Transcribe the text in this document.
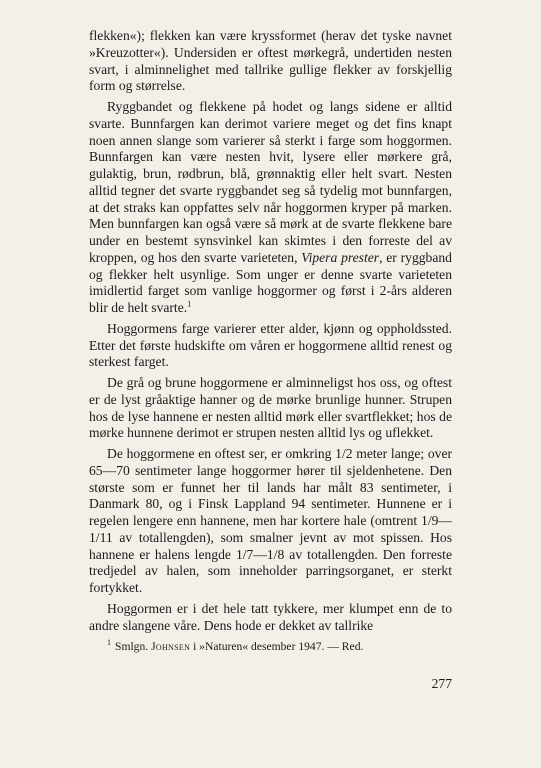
flekken«); flekken kan være kryssformet (herav det tyske navnet »Kreuzotter«). Undersiden er oftest mørkegrå, undertiden nesten svart, i alminnelighet med tallrike gullige flekker av forskjellig form og størrelse.

Ryggbandet og flekkene på hodet og langs sidene er alltid svarte. Bunnfargen kan derimot variere meget og det fins knapt noen annen slange som varierer så sterkt i farge som hoggormen. Bunnfargen kan være nesten hvit, lysere eller mørkere grå, gulaktig, brun, rødbrun, blå, grønnaktig eller helt svart. Nesten alltid tegner det svarte ryggbandet seg så tydelig mot bunnfargen, at det straks kan oppfattes selv når hoggormen kryper på marken. Men bunnfargen kan også være så mørk at de svarte flekkene bare under en bestemt synsvinkel kan skimtes i den forreste del av kroppen, og hos den svarte varieteten, Vipera prester, er ryggband og flekker helt usynlige. Som unger er denne svarte varieteten imidlertid farget som vanlige hoggormer og først i 2-års alderen blir de helt svarte.$^1$

Hoggormens farge varierer etter alder, kjønn og oppholdssted. Etter det første hudskifte om våren er hoggormene alltid renest og sterkest farget.

De grå og brune hoggormene er alminneligst hos oss, og oftest er de lyst gråaktige hanner og de mørke brunlige hunner. Strupen hos de lyse hannene er nesten alltid mørk eller svartflekket; hos de mørke hunnene derimot er strupen nesten alltid lys og uflekket.

De hoggormene en oftest ser, er omkring 1/2 meter lange; over 65—70 sentimeter lange hoggormer hører til sjeldenhetene. Den største som er funnet her til lands har målt 83 sentimeter, i Danmark 80, og i Finsk Lappland 94 sentimeter. Hunnene er i regelen lengere enn hannene, men har kortere hale (omtrent 1/9—1/11 av totallengden), som smalner jevnt av mot spissen. Hos hannene er halens lengde 1/7—1/8 av totallengden. Den forreste tredjedel av halen, som inneholder parringsorganet, er sterkt fortykket.

Hoggormen er i det hele tatt tykkere, mer klumpet enn de to andre slangene våre. Dens hode er dekket av tallrike

$^1$ Smlgn. Johnsen i »Naturen« desember 1947. — Red.
277
